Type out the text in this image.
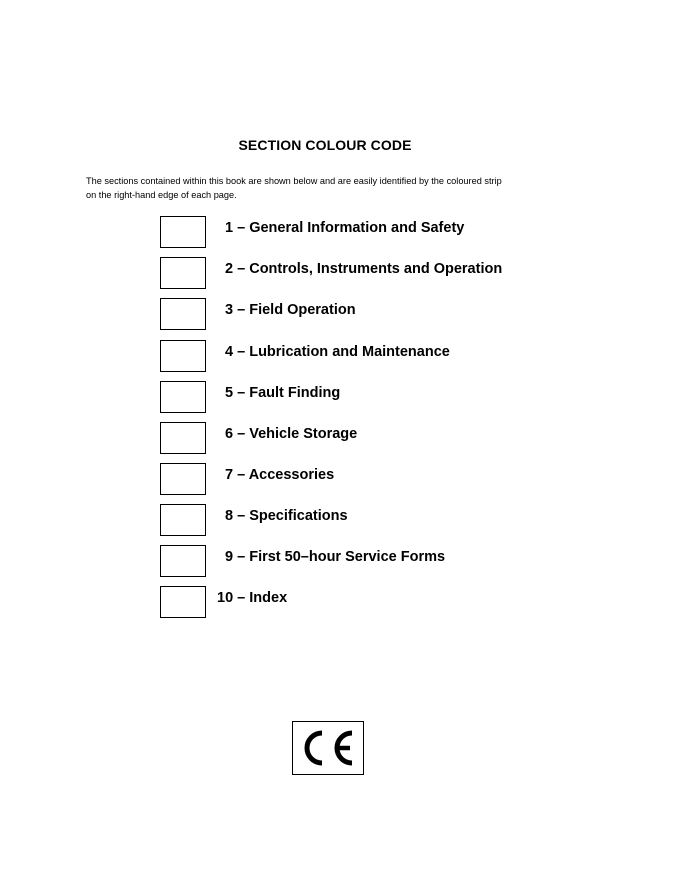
SECTION COLOUR CODE
The sections contained within this book are shown below and are easily identified by the coloured strip
on the right-hand edge of each page.
1 – General Information and Safety
2 – Controls, Instruments and Operation
3 – Field Operation
4 – Lubrication and Maintenance
5 – Fault Finding
6 – Vehicle Storage
7 – Accessories
8 – Specifications
9 – First 50–hour Service Forms
10 – Index
